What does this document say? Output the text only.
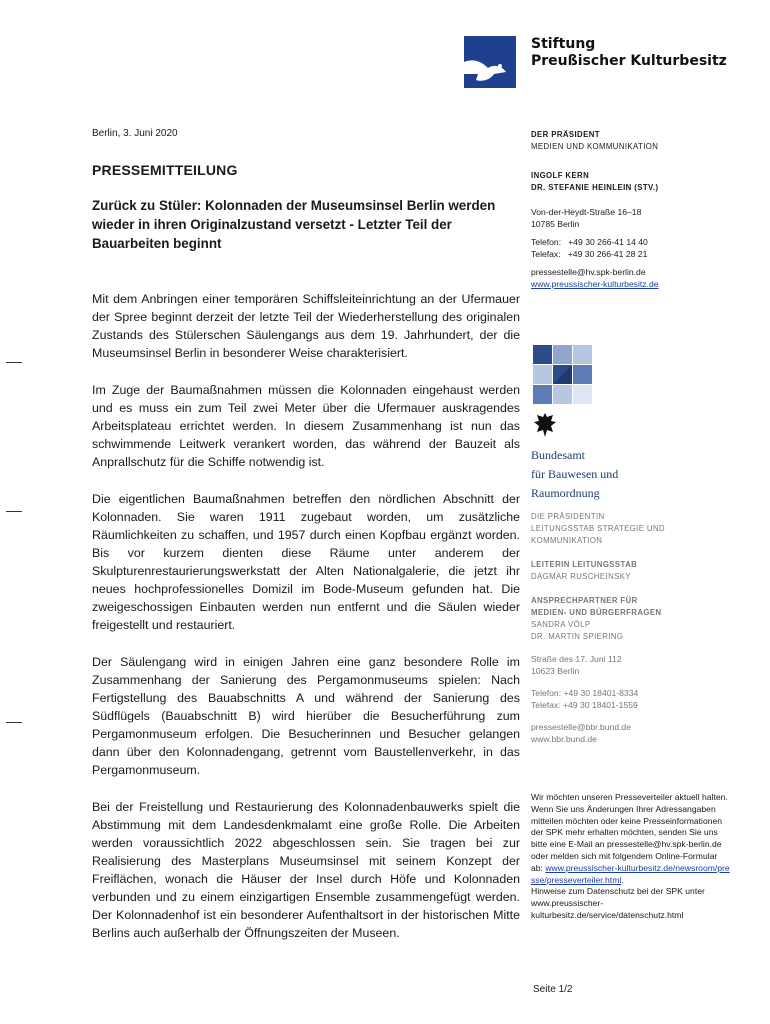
Stiftung
Preußischer Kulturbesitz
Berlin, 3. Juni 2020
PRESSEMITTEILUNG
Zurück zu Stüler: Kolonnaden der Museumsinsel Berlin werden wieder in ihren Originalzustand versetzt - Letzter Teil der Bauarbeiten beginnt

Mit dem Anbringen einer temporären Schiffsleiteinrichtung an der Ufermauer der Spree beginnt derzeit der letzte Teil der Wiederherstellung des originalen Zustands des Stülerschen Säulengangs aus dem 19. Jahrhundert, der die Museumsinsel Berlin in besonderer Weise charakterisiert.

Im Zuge der Baumaßnahmen müssen die Kolonnaden eingehaust werden und es muss ein zum Teil zwei Meter über die Ufermauer auskragendes Arbeitsplateau errichtet werden. In diesem Zusammenhang ist nun das schwimmende Leitwerk verankert worden, das während der Bauzeit als Anprallschutz für die Schiffe notwendig ist.

Die eigentlichen Baumaßnahmen betreffen den nördlichen Abschnitt der Kolonnaden. Sie waren 1911 zugebaut worden, um zusätzliche Räumlichkeiten zu schaffen, und 1957 durch einen Kopfbau ergänzt worden. Bis vor kurzem dienten diese Räume unter anderem der Skulpturenrestaurierungswerkstatt der Alten Nationalgalerie, die jetzt ihr neues hochprofessionelles Domizil im Bode-Museum gefunden hat. Die zweigeschossigen Einbauten werden nun entfernt und die Säulen wieder freigestellt und restauriert.

Der Säulengang wird in einigen Jahren eine ganz besondere Rolle im Zusammenhang der Sanierung des Pergamonmuseums spielen: Nach Fertigstellung des Bauabschnitts A und während der Sanierung des Südflügels (Bauabschnitt B) wird hierüber die Besucherführung zum Pergamonmuseum erfolgen. Die Besucherinnen und Besucher gelangen dann über den Kolonnadengang, getrennt vom Baustellenverkehr, in das Pergamonmuseum.

Bei der Freistellung und Restaurierung des Kolonnadenbauwerks spielt die Abstimmung mit dem Landesdenkmalamt eine große Rolle. Die Arbeiten werden voraussichtlich 2022 abgeschlossen sein. Sie tragen bei zur Realisierung des Masterplans Museumsinsel mit seinem Konzept der Freiflächen, wonach die Häuser der Insel durch Höfe und Kolonnaden verbunden und zu einem einzigartigen Ensemble zusammengefügt werden. Der Kolonnadenhof ist ein besonderer Aufenthaltsort in der historischen Mitte Berlins auch außerhalb der Öffnungszeiten der Museen.

DER PRÄSIDENT
MEDIEN UND KOMMUNIKATION
INGOLF KERN
DR. STEFANIE HEINLEIN (STV.)
Von-der-Heydt-Straße 16–18
10785 Berlin
Telefon:   +49 30 266-41 14 40
Telefax:   +49 30 266-41 28 21
pressestelle@hv.spk-berlin.de
www.preussischer-kulturbesitz.de
Bundesamt
für Bauwesen und
Raumordnung
DIE PRÄSIDENTIN
LEITUNGSSTAB STRATEGIE UND
KOMMUNIKATION
LEITERIN LEITUNGSSTAB
DAGMAR RUSCHEINSKY
ANSPRECHPARTNER FÜR
MEDIEN- UND BÜRGERFRAGEN
SANDRA VÖLP
DR. MARTIN SPIERING
Straße des 17. Juni 112
10623 Berlin
Telefon: +49 30 18401-8334
Telefax: +49 30 18401-1559
pressestelle@bbr.bund.de
www.bbr.bund.de
Wir möchten unseren Presseverteiler aktuell halten. Wenn Sie uns Änderungen Ihrer Adressangaben mitteilen möchten oder keine Presseinformationen der SPK mehr erhalten möchten, senden Sie uns bitte eine E-Mail an pressestelle@hv.spk-berlin.de oder melden sich mit folgendem Online-Formular ab: www.preussischer-kulturbesitz.de/newsroom/presse/presseverteiler.html.
Hinweise zum Datenschutz bei der SPK unter www.preussischer-kulturbesitz.de/service/datenschutz.html
Seite 1/2
